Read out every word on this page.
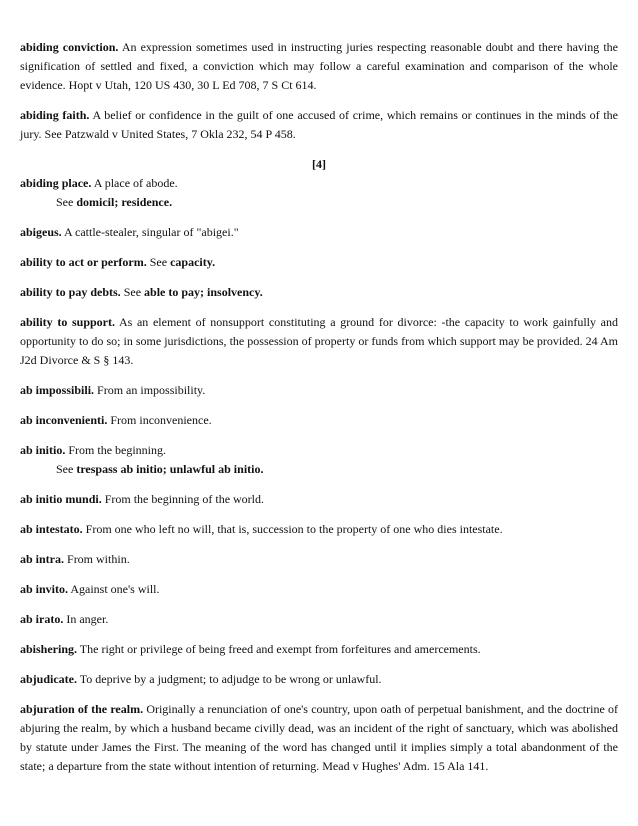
abiding conviction. An expression sometimes used in instructing juries respecting reasonable doubt and there having the signification of settled and fixed, a conviction which may follow a careful examination and comparison of the whole evidence. Hopt v Utah, 120 US 430, 30 L Ed 708, 7 S Ct 614.

abiding faith. A belief or confidence in the guilt of one accused of crime, which remains or continues in the minds of the jury. See Patzwald v United States, 7 Okla 232, 54 P 458.

[4]

abiding place. A place of abode.
See domicil; residence.

abigeus. A cattle-stealer, singular of "abigei."

ability to act or perform. See capacity.

ability to pay debts. See able to pay; insolvency.

ability to support. As an element of nonsupport constituting a ground for divorce: -the capacity to work gainfully and opportunity to do so; in some jurisdictions, the possession of property or funds from which support may be provided. 24 Am J2d Divorce & S § 143.

ab impossibili. From an impossibility.

ab inconvenienti. From inconvenience.

ab initio. From the beginning.
See trespass ab initio; unlawful ab initio.

ab initio mundi. From the beginning of the world.

ab intestato. From one who left no will, that is, succession to the property of one who dies intestate.

ab intra. From within.

ab invito. Against one's will.

ab irato. In anger.

abishering. The right or privilege of being freed and exempt from forfeitures and amercements.

abjudicate. To deprive by a judgment; to adjudge to be wrong or unlawful.

abjuration of the realm. Originally a renunciation of one's country, upon oath of perpetual banishment, and the doctrine of abjuring the realm, by which a husband became civilly dead, was an incident of the right of sanctuary, which was abolished by statute under James the First. The meaning of the word has changed until it implies simply a total abandonment of the state; a departure from the state without intention of returning. Mead v Hughes' Adm. 15 Ala 141.
